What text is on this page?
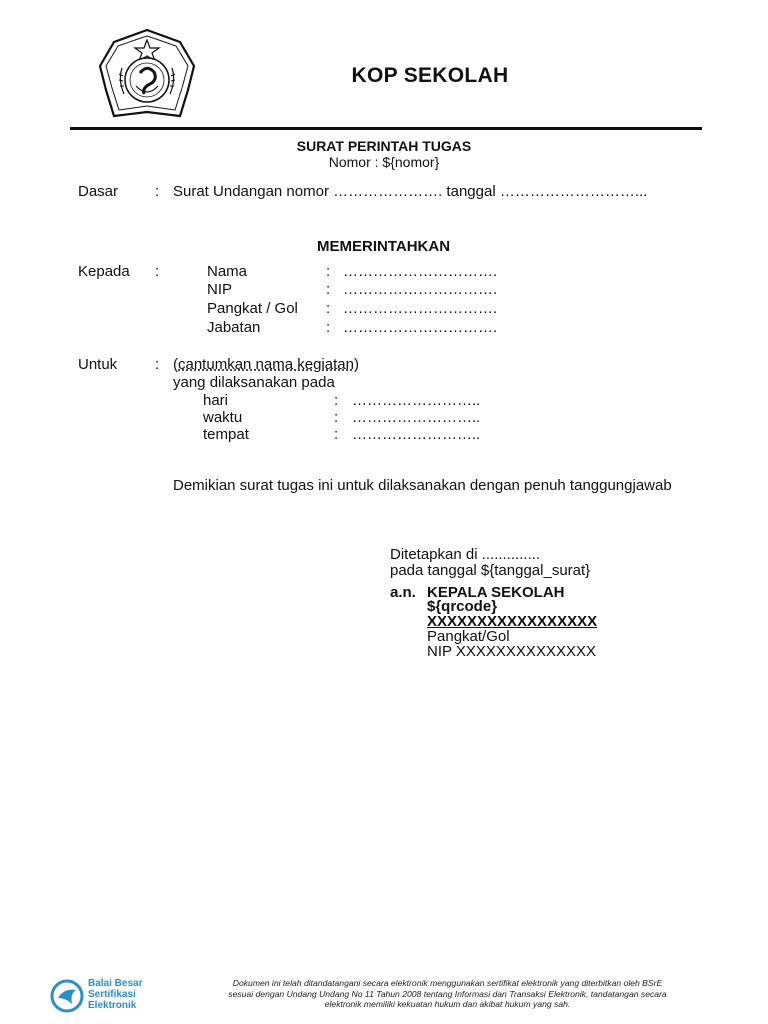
KOP SEKOLAH
SURAT PERINTAH TUGAS
Nomor : ${nomor}
Dasar : Surat Undangan nomor …………………. tanggal ………………………...
MEMERINTAHKAN
Kepada :	Nama	: ………………………….
NIP	: ………………………….
Pangkat / Gol : ………………………….
Jabatan	: ………………………….
Untuk	: (cantumkan nama kegiatan)
yang dilaksanakan pada
hari	: ……………………..
waktu	: ……………………..
tempat	: ……………………..
Demikian surat tugas ini untuk dilaksanakan dengan penuh tanggungjawab
Ditetapkan di ..............
pada tanggal ${tanggal_surat}
a.n. KEPALA SEKOLAH
${qrcode}
XXXXXXXXXXXXXXXXX
Pangkat/Gol
NIP XXXXXXXXXXXXXX
Balai Besar
Sertifikasi
Elektronik
Dokumen ini telah ditandatangani secara elektronik menggunakan sertifikat elektronik yang diterbitkan oleh BSrE
sesuai dengan Undang Undang No 11 Tahun 2008 tentang Informasi dan Transaksi Elektronik, tandatangan secara
elektronik memiliki kekuatan hukum dan akibat hukum yang sah.
